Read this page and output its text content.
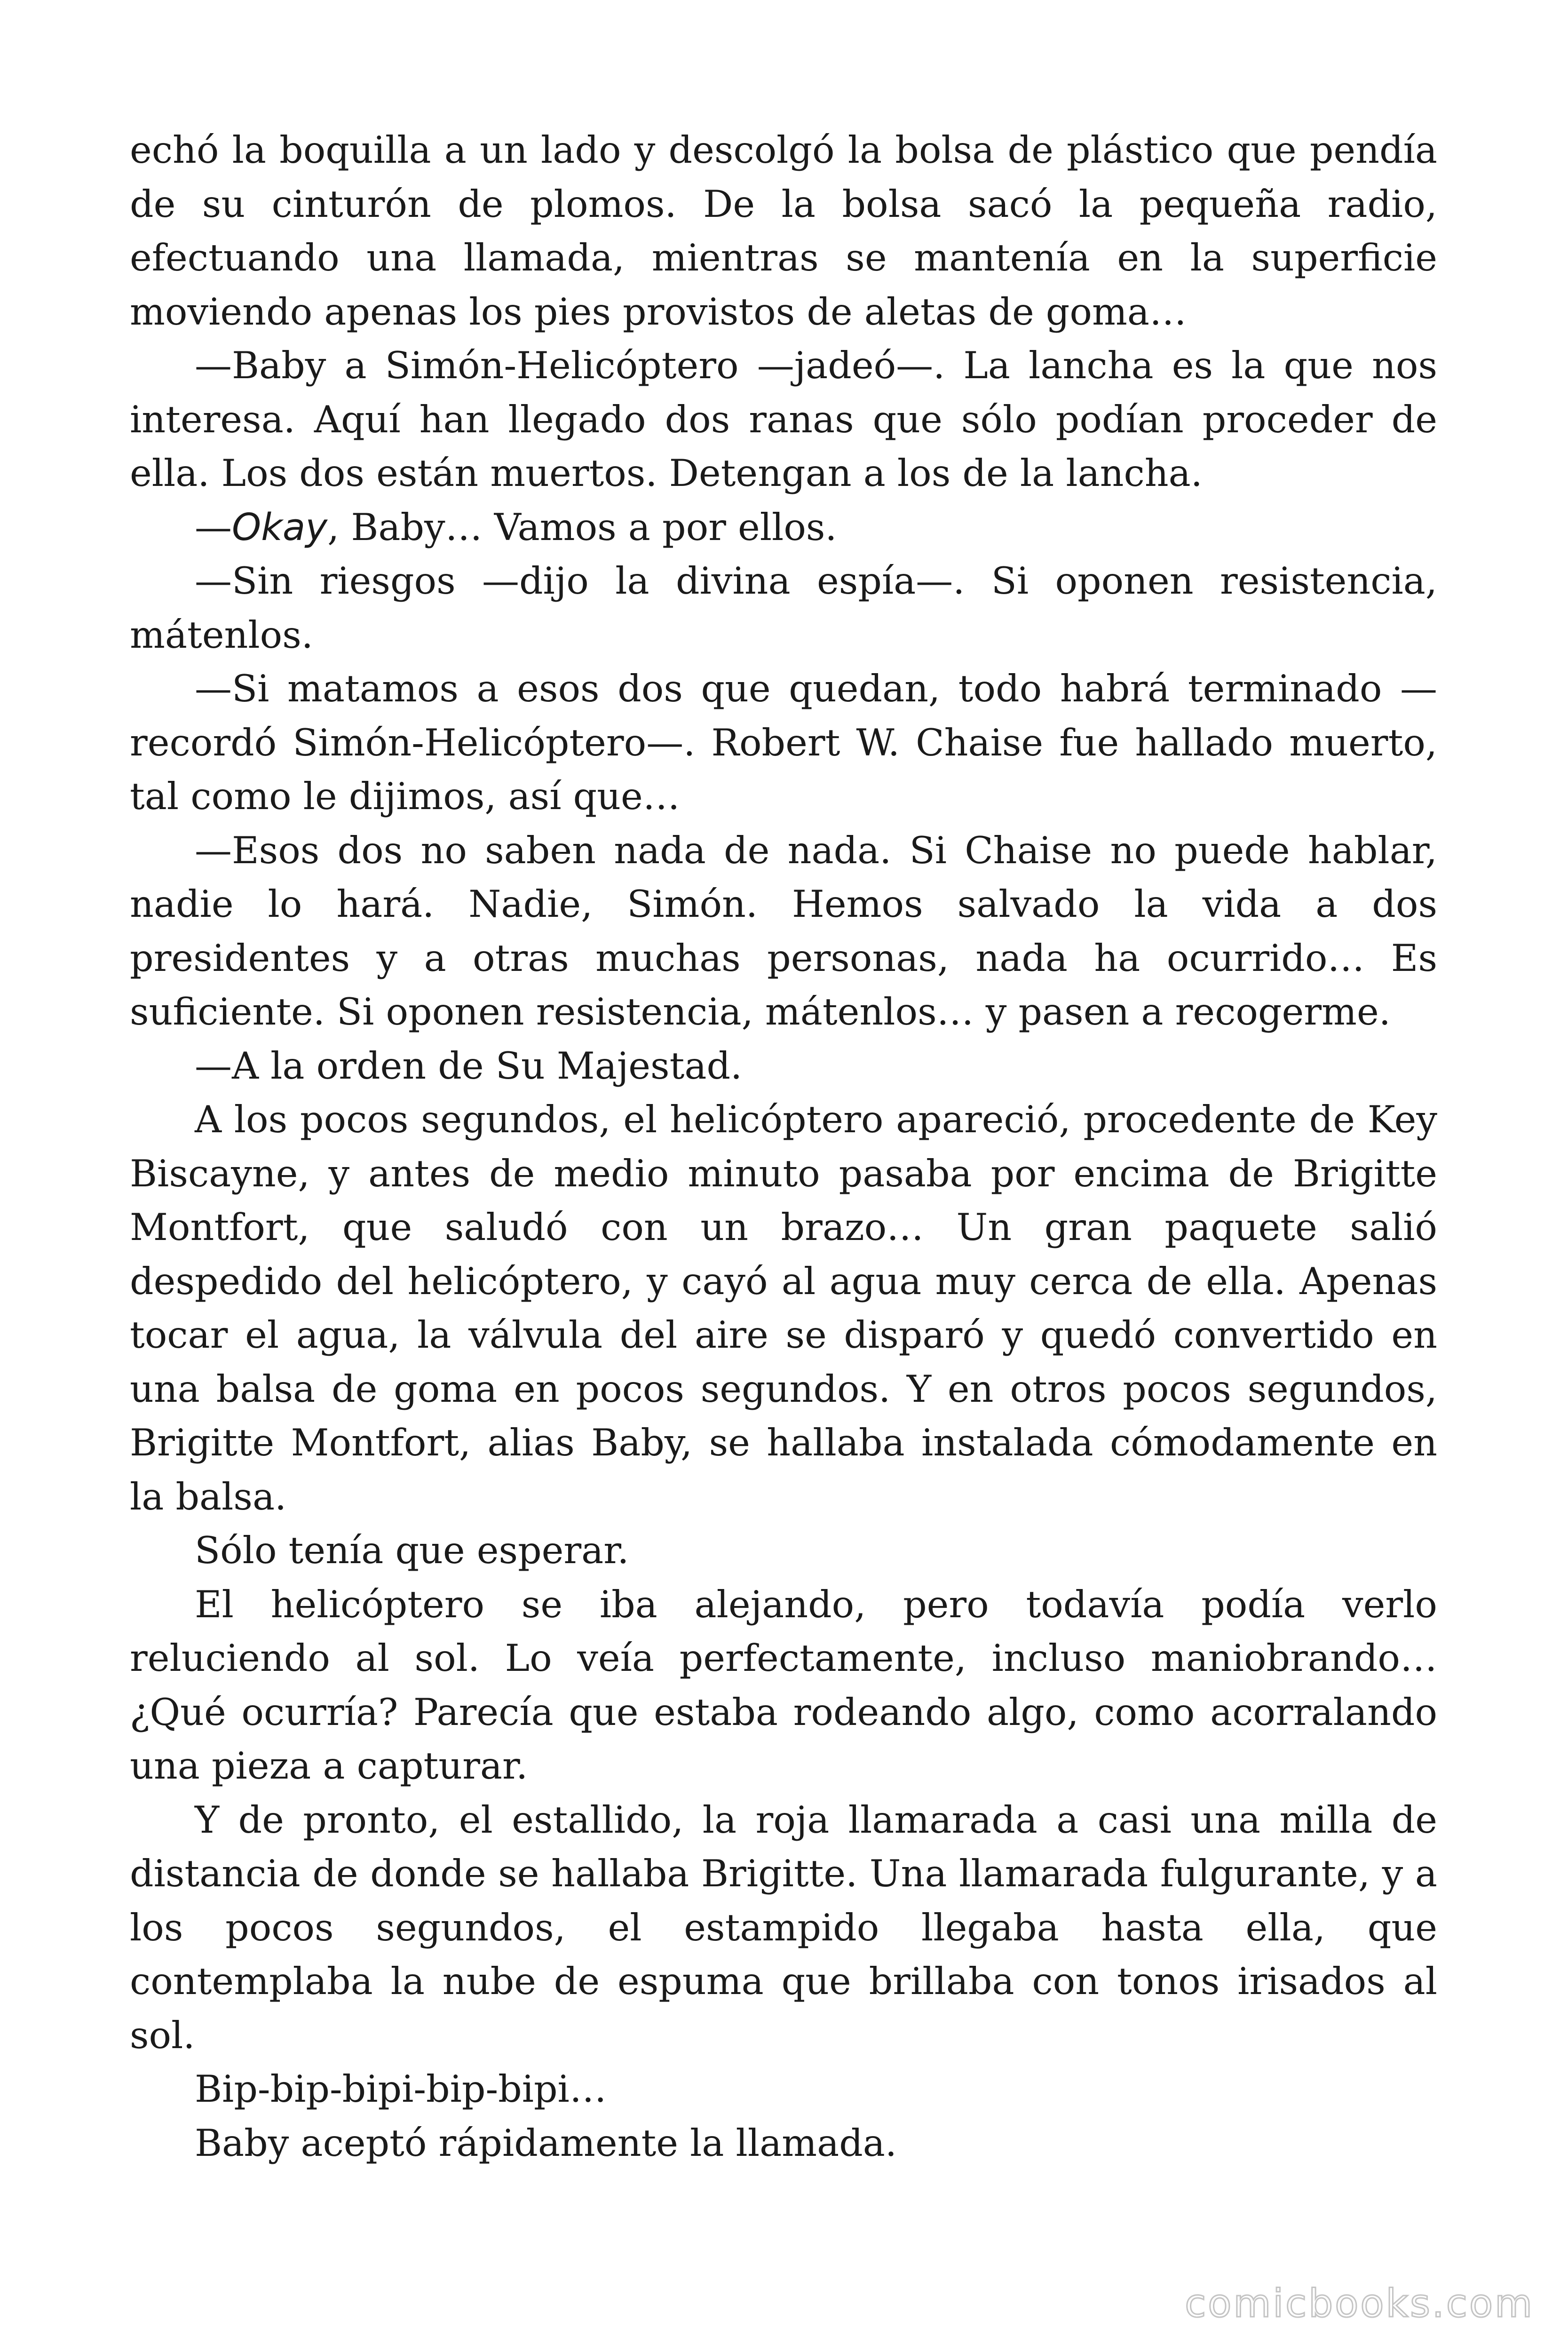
echó la boquilla a un lado y descolgó la bolsa de plástico que pendía de su cinturón de plomos. De la bolsa sacó la pequeña radio, efectuando una llamada, mientras se mantenía en la superficie moviendo apenas los pies provistos de aletas de goma…

—Baby a Simón-Helicóptero —jadeó—. La lancha es la que nos interesa. Aquí han llegado dos ranas que sólo podían proceder de ella. Los dos están muertos. Detengan a los de la lancha.

—Okay, Baby… Vamos a por ellos.

—Sin riesgos —dijo la divina espía—. Si oponen resistencia, mátenlos.

—Si matamos a esos dos que quedan, todo habrá terminado —recordó Simón-Helicóptero—. Robert W. Chaise fue hallado muerto, tal como le dijimos, así que…

—Esos dos no saben nada de nada. Si Chaise no puede hablar, nadie lo hará. Nadie, Simón. Hemos salvado la vida a dos presidentes y a otras muchas personas, nada ha ocurrido… Es suficiente. Si oponen resistencia, mátenlos… y pasen a recogerme.

—A la orden de Su Majestad.

A los pocos segundos, el helicóptero apareció, procedente de Key Biscayne, y antes de medio minuto pasaba por encima de Brigitte Montfort, que saludó con un brazo… Un gran paquete salió despedido del helicóptero, y cayó al agua muy cerca de ella. Apenas tocar el agua, la válvula del aire se disparó y quedó convertido en una balsa de goma en pocos segundos. Y en otros pocos segundos, Brigitte Montfort, alias Baby, se hallaba instalada cómodamente en la balsa.

Sólo tenía que esperar.

El helicóptero se iba alejando, pero todavía podía verlo reluciendo al sol. Lo veía perfectamente, incluso maniobrando… ¿Qué ocurría? Parecía que estaba rodeando algo, como acorralando una pieza a capturar.

Y de pronto, el estallido, la roja llamarada a casi una milla de distancia de donde se hallaba Brigitte. Una llamarada fulgurante, y a los pocos segundos, el estampido llegaba hasta ella, que contemplaba la nube de espuma que brillaba con tonos irisados al sol.

Bip-bip-bipi-bip-bipi…

Baby aceptó rápidamente la llamada.

comicbooks.com
